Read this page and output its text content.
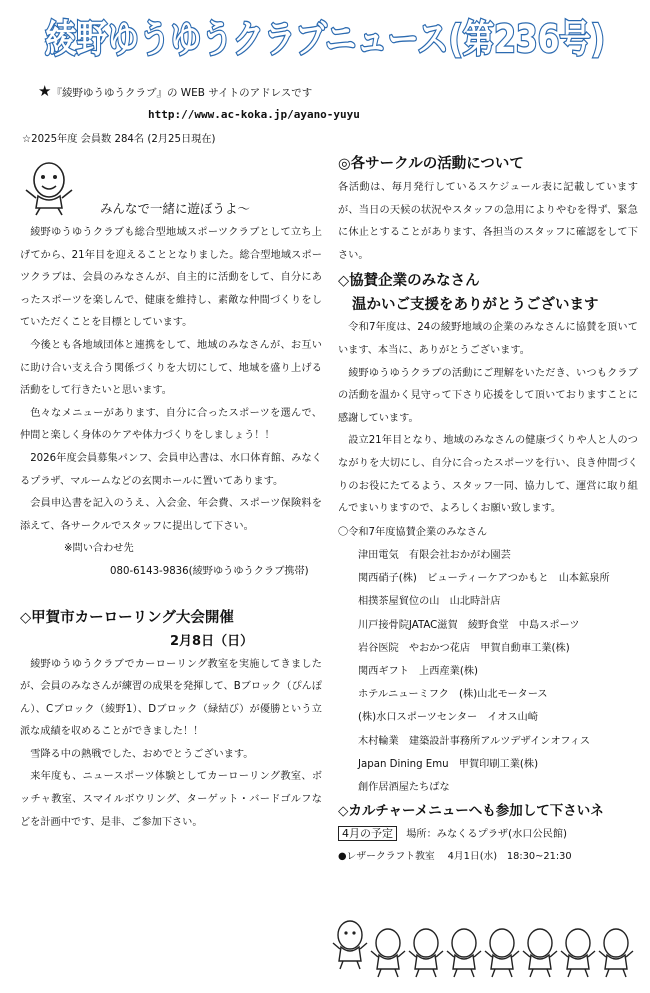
綾野ゆうゆうクラブニュース(第236号)
★『綾野ゆうゆうクラブ』の WEB サイトのアドレスです
http://www.ac-koka.jp/ayano-yuyu
☆2025年度 会員数 284名 (2月25日現在)
みんなで一緒に遊ぼうよ～

綾野ゆうゆうクラブも総合型地域スポーツクラブとして立ち上げてから、21年目を迎えることとなりました。総合型地域スポーツクラブは、会員のみなさんが、自主的に活動をして、自分にあったスポーツを楽しんで、健康を維持し、素敵な仲間づくりをしていただくことを目標としています。

今後とも各地域団体と連携をして、地域のみなさんが、お互いに助け合い支え合う関係づくりを大切にして、地域を盛り上げる活動をして行きたいと思います。

色々なメニューがあります、自分に合ったスポーツを選んで、仲間と楽しく身体のケアや体力づくりをしましょう！！

2026年度会員募集パンフ、会員申込書は、水口体育館、みなくるプラザ、マルームなどの玄関ホールに置いてあります。

会員申込書を記入のうえ、入会金、年会費、スポーツ保険料を添えて、各サークルでスタッフに提出して下さい。

※問い合わせ先
080-6143-9836(綾野ゆうゆうクラブ携帯)
◇甲賀市カーローリング大会開催
2月8日（日）

綾野ゆうゆうクラブでカーローリング教室を実施してきましたが、会員のみなさんが練習の成果を発揮して、Bブロック（ぴんぽん）、Cブロック（綾野1）、Dブロック（緑結び）が優勝という立派な成績を収めることができました！！

雪降る中の熱戦でした、おめでとうございます。

来年度も、ニュースポーツ体験としてカーローリング教室、ボッチャ教室、スマイルボウリング、ターゲット・バードゴルフなどを計画中です、是非、ご参加下さい。

◎各サークルの活動について

各活動は、毎月発行しているスケジュール表に記載していますが、当日の天候の状況やスタッフの急用によりやむを得ず、緊急に休止とすることがあります、各担当のスタッフに確認をして下さい。

◇協賛企業のみなさん
温かいご支援をありがとうございます

令和7年度は、24の綾野地域の企業のみなさんに協賛を頂いています、本当に、ありがとうございます。

綾野ゆうゆうクラブの活動にご理解をいただき、いつもクラブの活動を温かく見守って下さり応援をして頂いておりますことに感謝しています。

設立21年目となり、地域のみなさんの健康づくりや人と人のつながりを大切にし、自分に合ったスポーツを行い、良き仲間づくりのお役にたてるよう、スタッフ一同、協力して、運営に取り組んでまいりますので、よろしくお願い致します。

〇令和7年度協賛企業のみなさん
津田電気　有限会社おかがわ園芸
関西硝子(株)　ビューティーケアつかもと　山本鉱泉所
相撲茶屋貿位の山　山北時計店
川戸接骨院JATAC滋賀　綾野食堂　中島スポーツ
岩谷医院　やおかつ花店　甲賀自動車工業(株)
関西ギフト　上西産業(株)
ホテルニューミフク　(株)山北モータース
(株)水口スポーツセンター　イオス山崎
木村輪業　建築設計事務所アルツデザインオフィス
Japan Dining Emu　甲賀印刷工業(株)
創作居酒屋たちばな
◇カルチャーメニューへも参加して下さいネ
4月の予定 場所：みなくるプラザ(水口公民館)
●レザークラフト教室　 4月1日(水)　18:30~21:30
